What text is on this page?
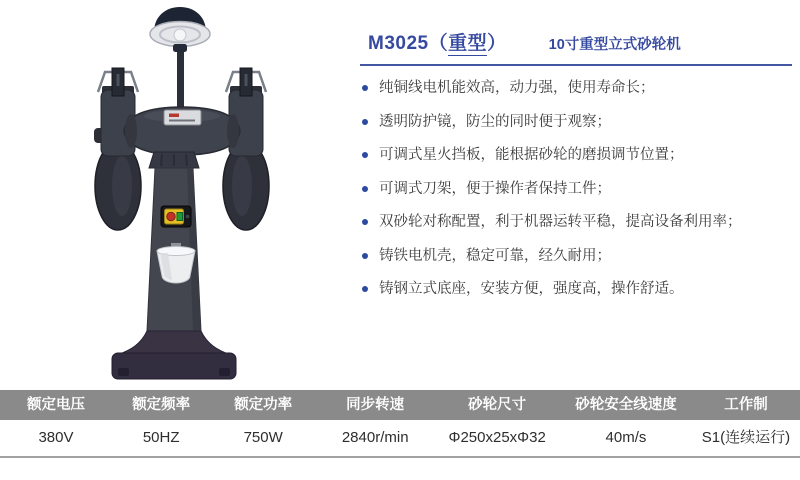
M3025（重型）	10寸重型立式砂轮机
纯铜线电机能效高，动力强，使用寿命长；
透明防护镜，防尘的同时便于观察；
可调式星火挡板，能根据砂轮的磨损调节位置；
可调式刀架，便于操作者保持工件；
双砂轮对称配置，利于机器运转平稳，提高设备利用率；
铸铁电机壳，稳定可靠，经久耐用；
铸钢立式底座，安装方便，强度高，操作舒适。
额定电压	额定频率	额定功率	同步转速	砂轮尺寸	砂轮安全线速度	工作制
380V	50HZ	750W	2840r/min	Φ250x25xΦ32	40m/s	S1(连续运行)
